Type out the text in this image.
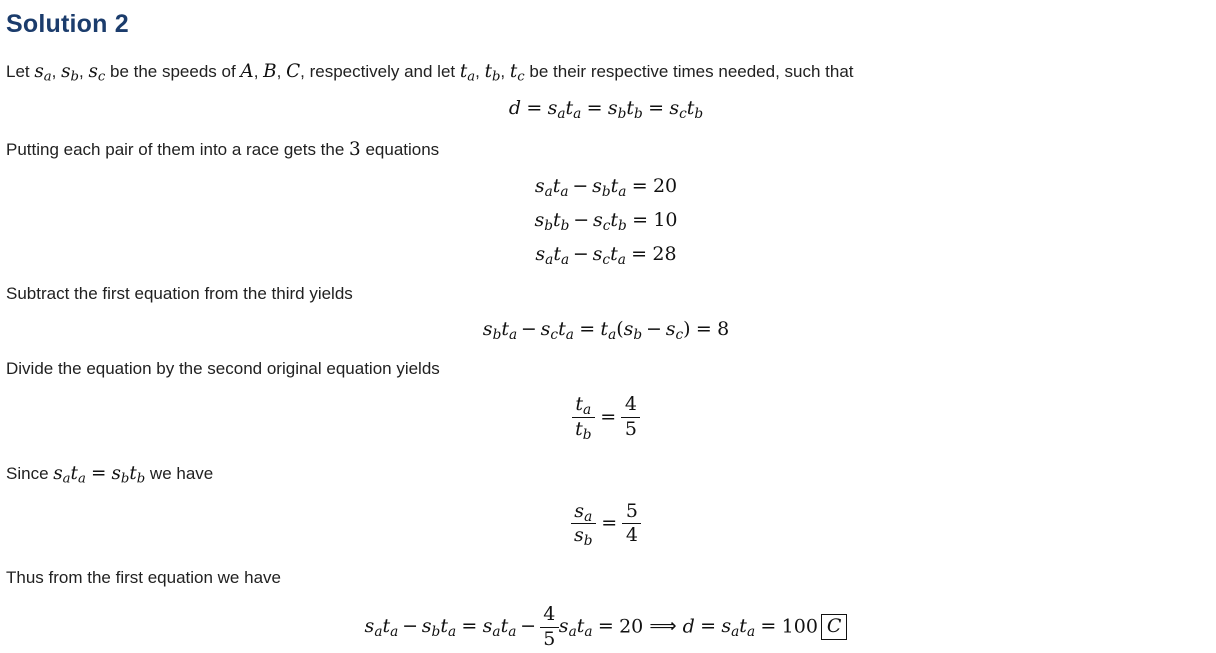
Solution 2
Let $s_a$, $s_b$, $s_c$ be the speeds of A, B, C, respectively and let $t_a$, $t_b$, $t_c$ be their respective times needed, such that
$d = s_at_a = s_bt_b = s_ct_b$
Putting each pair of them into a race gets the 3 equations
$s_at_a - s_bt_a = 20$
$s_bt_b - s_ct_b = 10$
$s_at_a - s_ct_a = 28$
Subtract the first equation from the third yields
$s_bt_a - s_ct_a = t_a(s_b - s_c) = 8$
Divide the equation by the second original equation yields
$\frac{t_a}{t_b} = \frac{4}{5}$
Since $s_at_a = s_bt_b$ we have
$\frac{s_a}{s_b} = \frac{5}{4}$
Thus from the first equation we have
$s_at_a - s_bt_a = s_at_a - \frac{4}{5} s_at_a = 20$ ⟹ $d = s_at_a = 100$ C
